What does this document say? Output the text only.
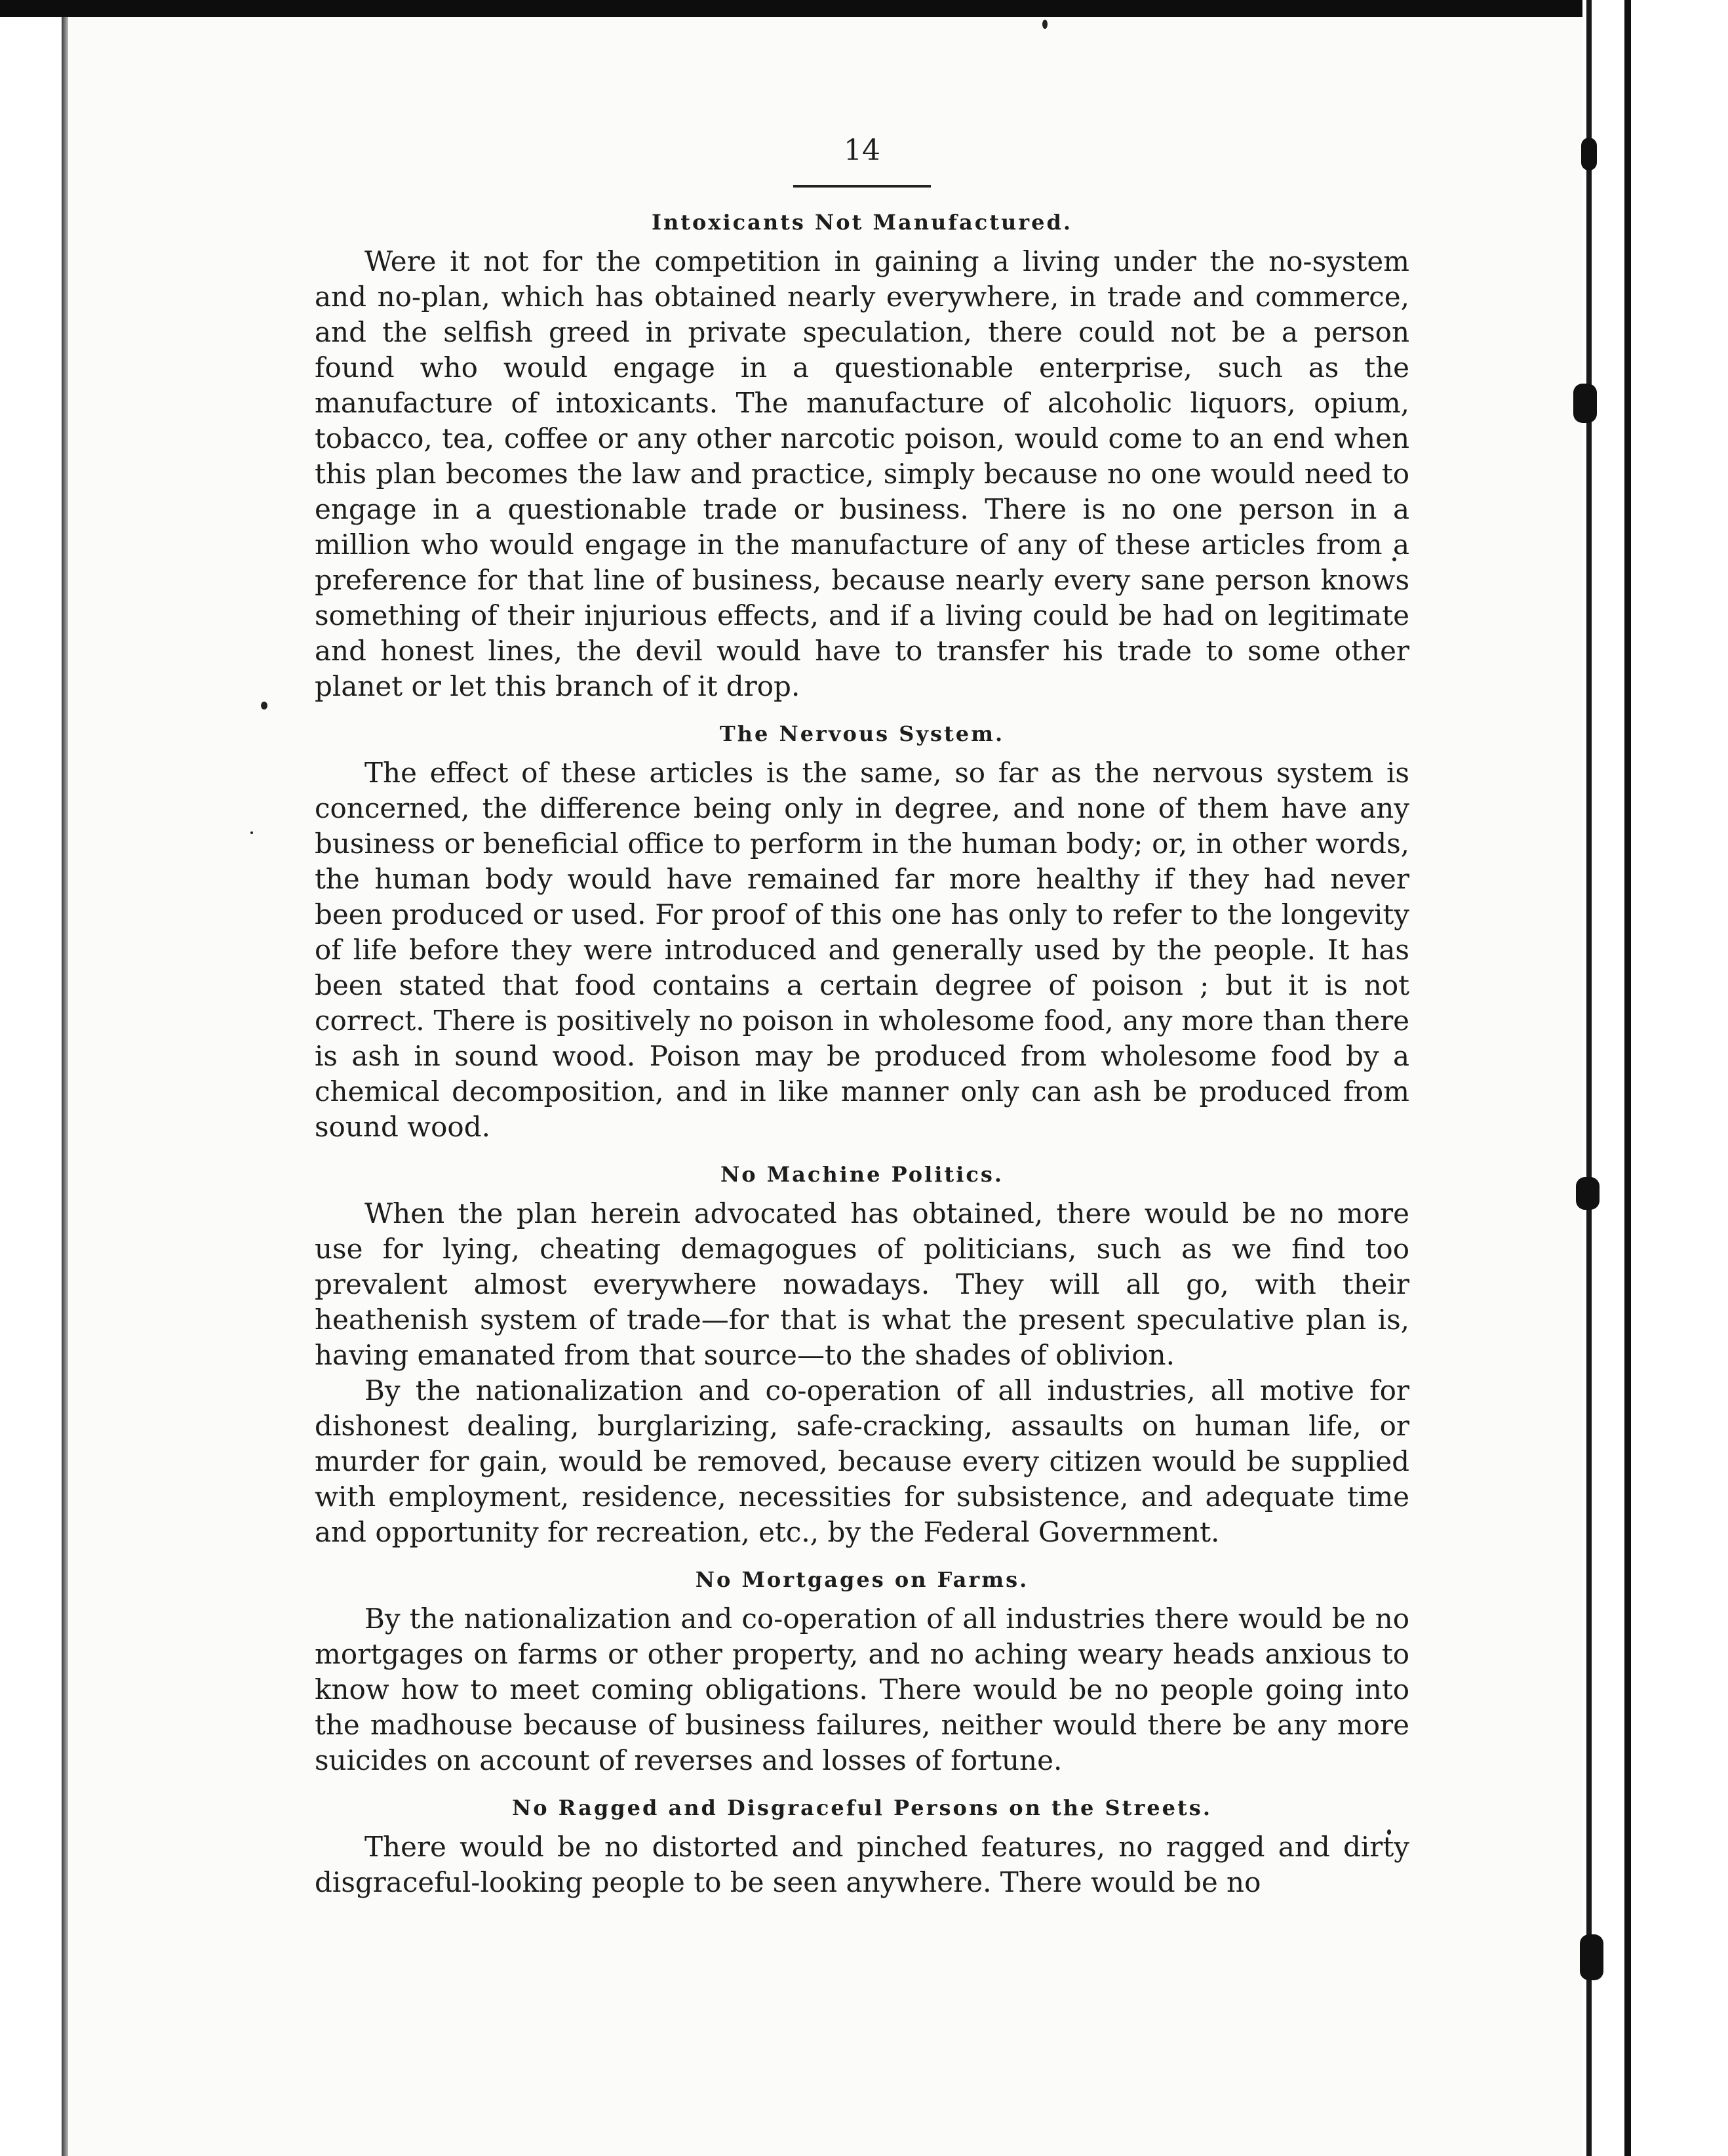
14

Intoxicants Not Manufactured.

Were it not for the competition in gaining a living under the no-system and no-plan, which has obtained nearly everywhere, in trade and commerce, and the selfish greed in private speculation, there could not be a person found who would engage in a questionable enterprise, such as the manufacture of intoxicants. The manufacture of alcoholic liquors, opium, tobacco, tea, coffee or any other narcotic poison, would come to an end when this plan becomes the law and practice, simply because no one would need to engage in a questionable trade or business. There is no one person in a million who would engage in the manufacture of any of these articles from a preference for that line of business, because nearly every sane person knows something of their injurious effects, and if a living could be had on legitimate and honest lines, the devil would have to transfer his trade to some other planet or let this branch of it drop.

The Nervous System.

The effect of these articles is the same, so far as the nervous system is concerned, the difference being only in degree, and none of them have any business or beneficial office to perform in the human body; or, in other words, the human body would have remained far more healthy if they had never been produced or used. For proof of this one has only to refer to the longevity of life before they were introduced and generally used by the people. It has been stated that food contains a certain degree of poison ; but it is not correct. There is positively no poison in wholesome food, any more than there is ash in sound wood. Poison may be produced from wholesome food by a chemical decomposition, and in like manner only can ash be produced from sound wood.

No Machine Politics.

When the plan herein advocated has obtained, there would be no more use for lying, cheating demagogues of politicians, such as we find too prevalent almost everywhere nowadays. They will all go, with their heathenish system of trade—for that is what the present speculative plan is, having emanated from that source—to the shades of oblivion.

By the nationalization and co-operation of all industries, all motive for dishonest dealing, burglarizing, safe-cracking, assaults on human life, or murder for gain, would be removed, because every citizen would be supplied with employment, residence, necessities for subsistence, and adequate time and opportunity for recreation, etc., by the Federal Government.

No Mortgages on Farms.

By the nationalization and co-operation of all industries there would be no mortgages on farms or other property, and no aching weary heads anxious to know how to meet coming obligations. There would be no people going into the madhouse because of business failures, neither would there be any more suicides on account of reverses and losses of fortune.

No Ragged and Disgraceful Persons on the Streets.

There would be no distorted and pinched features, no ragged and dirty disgraceful-looking people to be seen anywhere. There would be no
